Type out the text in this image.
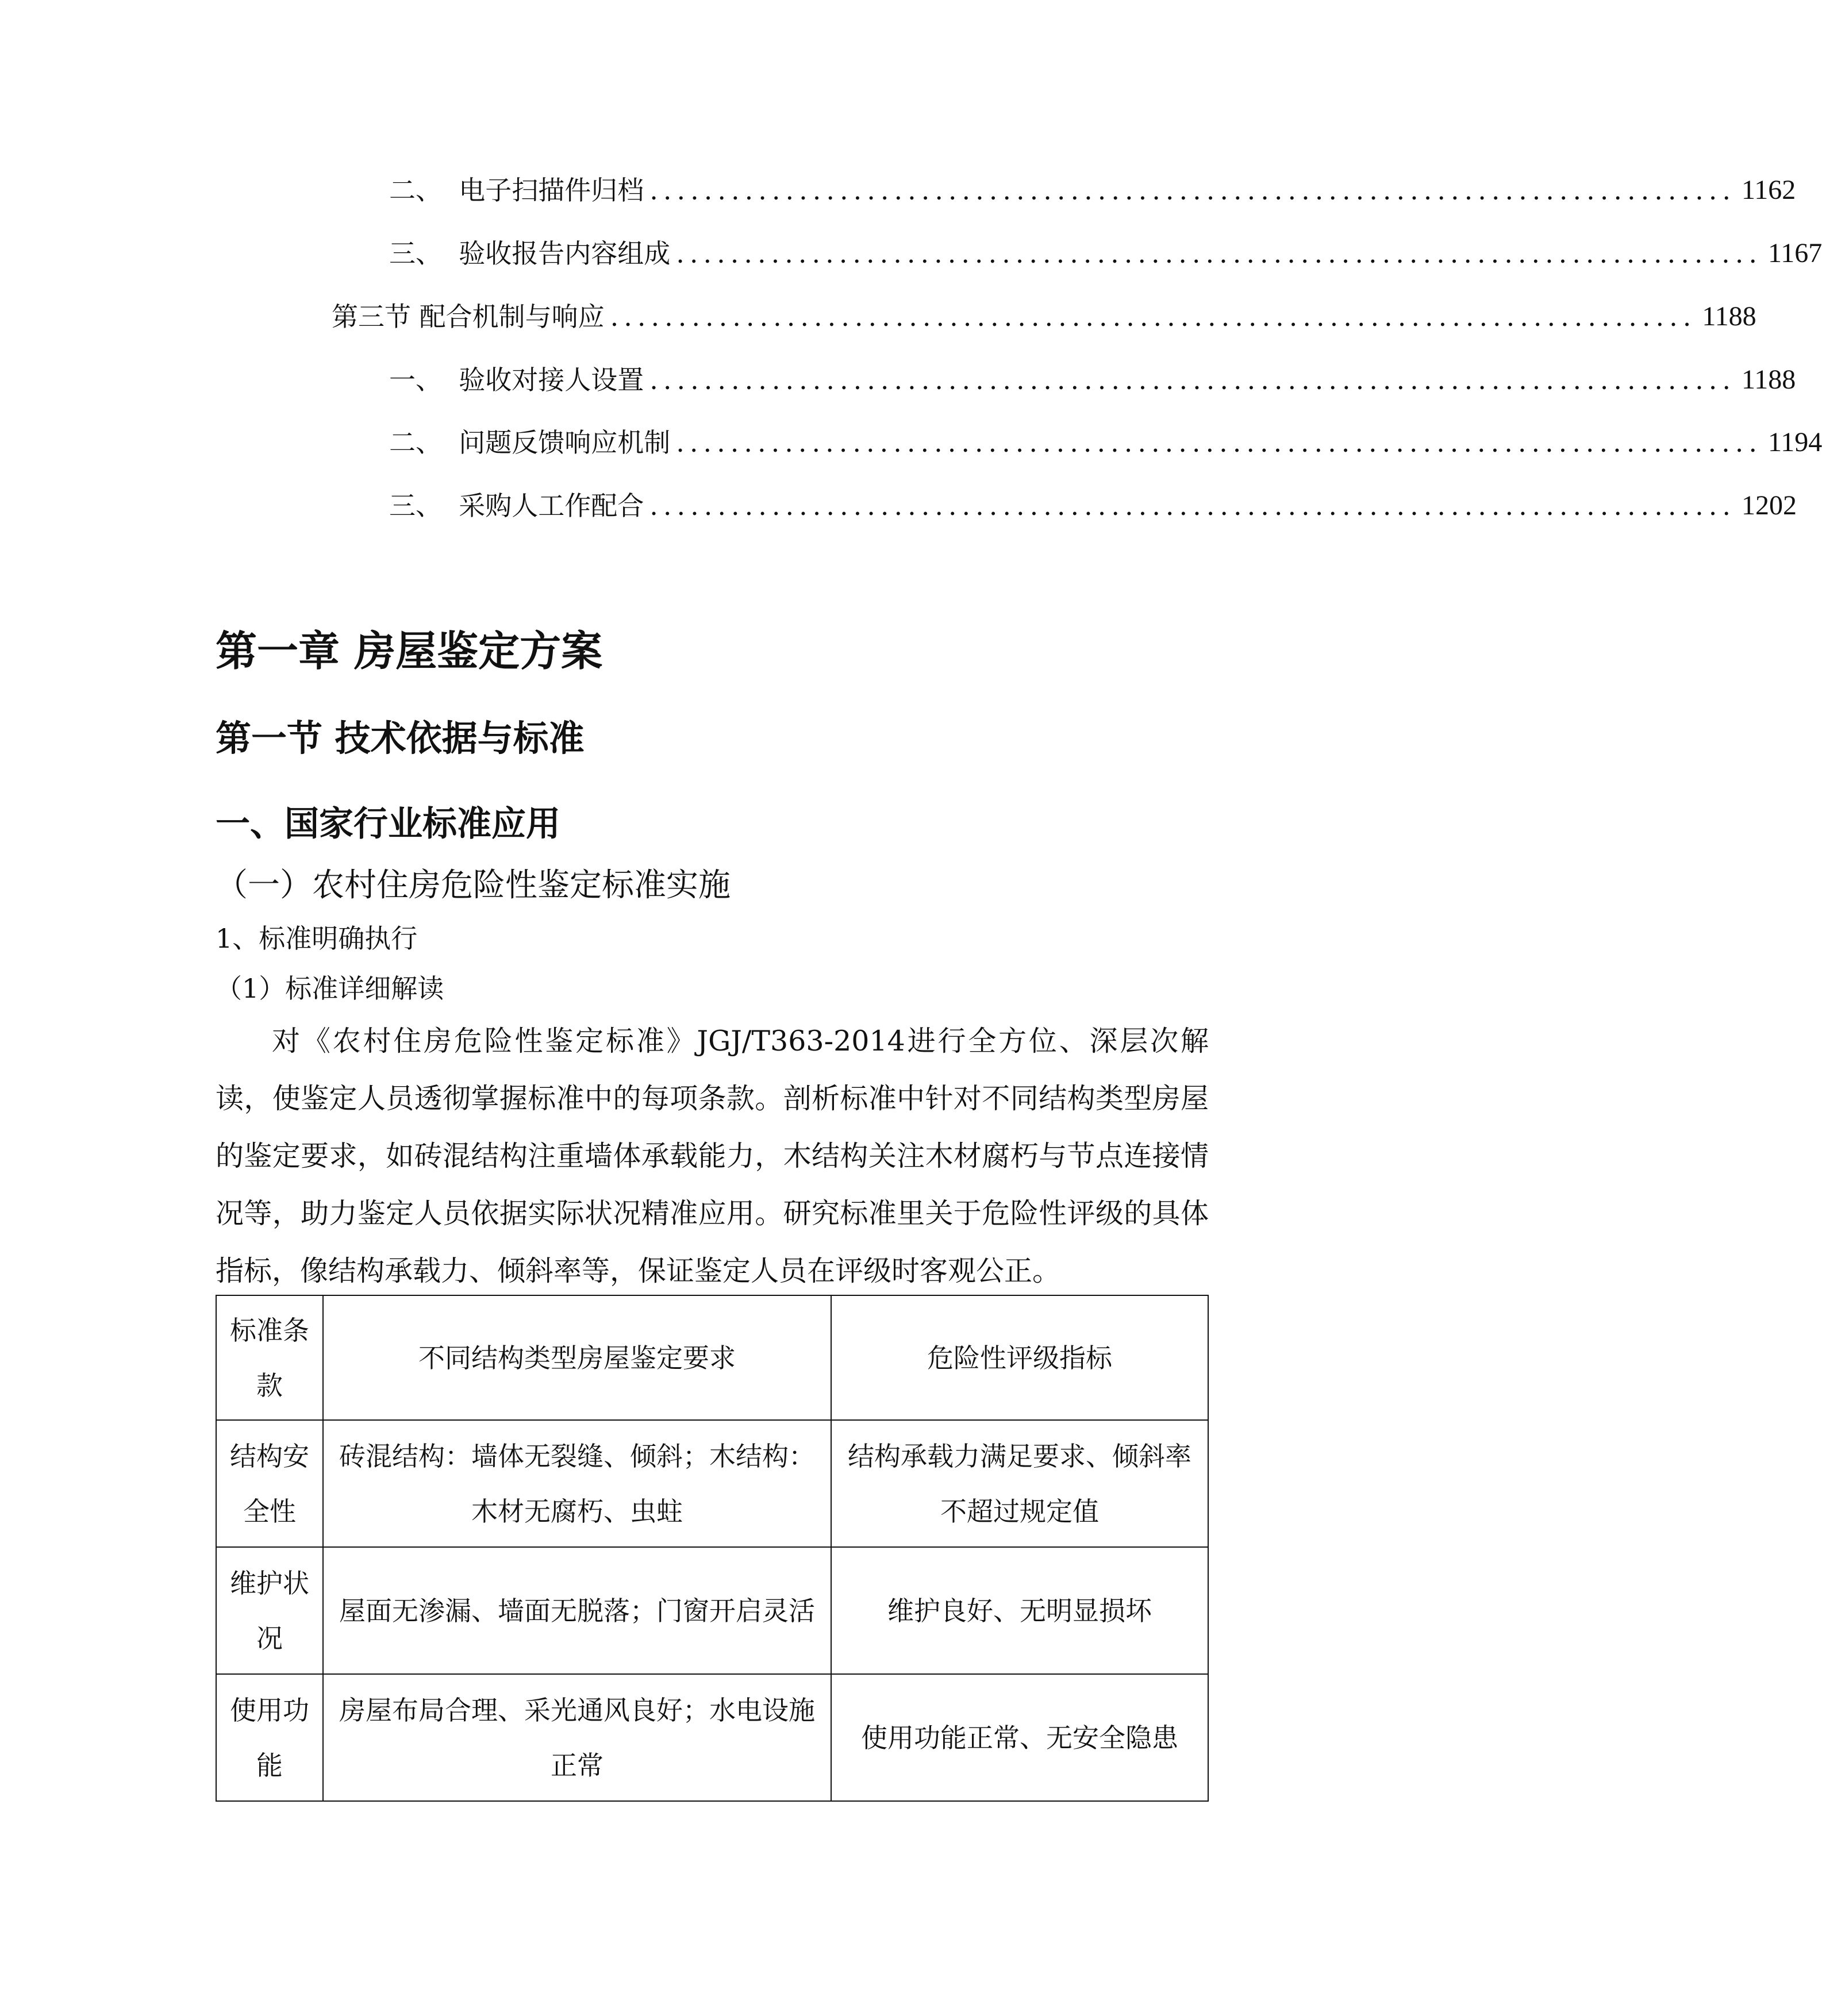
二、  电子扫描件归档 ................................................................................ 1162
三、  验收报告内容组成 ................................................................................ 1167
第三节 配合机制与响应 ................................................................................ 1188
一、  验收对接人设置 ................................................................................ 1188
二、  问题反馈响应机制 ................................................................................ 1194
三、  采购人工作配合 ................................................................................ 1202
第一章 房屋鉴定方案
第一节 技术依据与标准
一、国家行业标准应用
（一）农村住房危险性鉴定标准实施
1、标准明确执行
（1）标准详细解读
对《农村住房危险性鉴定标准》JGJ/T363-2014进行全方位、深层次解读，使鉴定人员透彻掌握标准中的每项条款。剖析标准中针对不同结构类型房屋的鉴定要求，如砖混结构注重墙体承载能力，木结构关注木材腐朽与节点连接情况等，助力鉴定人员依据实际状况精准应用。研究标准里关于危险性评级的具体指标，像结构承载力、倾斜率等，保证鉴定人员在评级时客观公正。
标准条款	不同结构类型房屋鉴定要求	危险性评级指标
结构安全性	砖混结构：墙体无裂缝、倾斜；木结构：木材无腐朽、虫蛀	结构承载力满足要求、倾斜率不超过规定值
维护状况	屋面无渗漏、墙面无脱落；门窗开启灵活	维护良好、无明显损坏
使用功能	房屋布局合理、采光通风良好；水电设施正常	使用功能正常、无安全隐患
